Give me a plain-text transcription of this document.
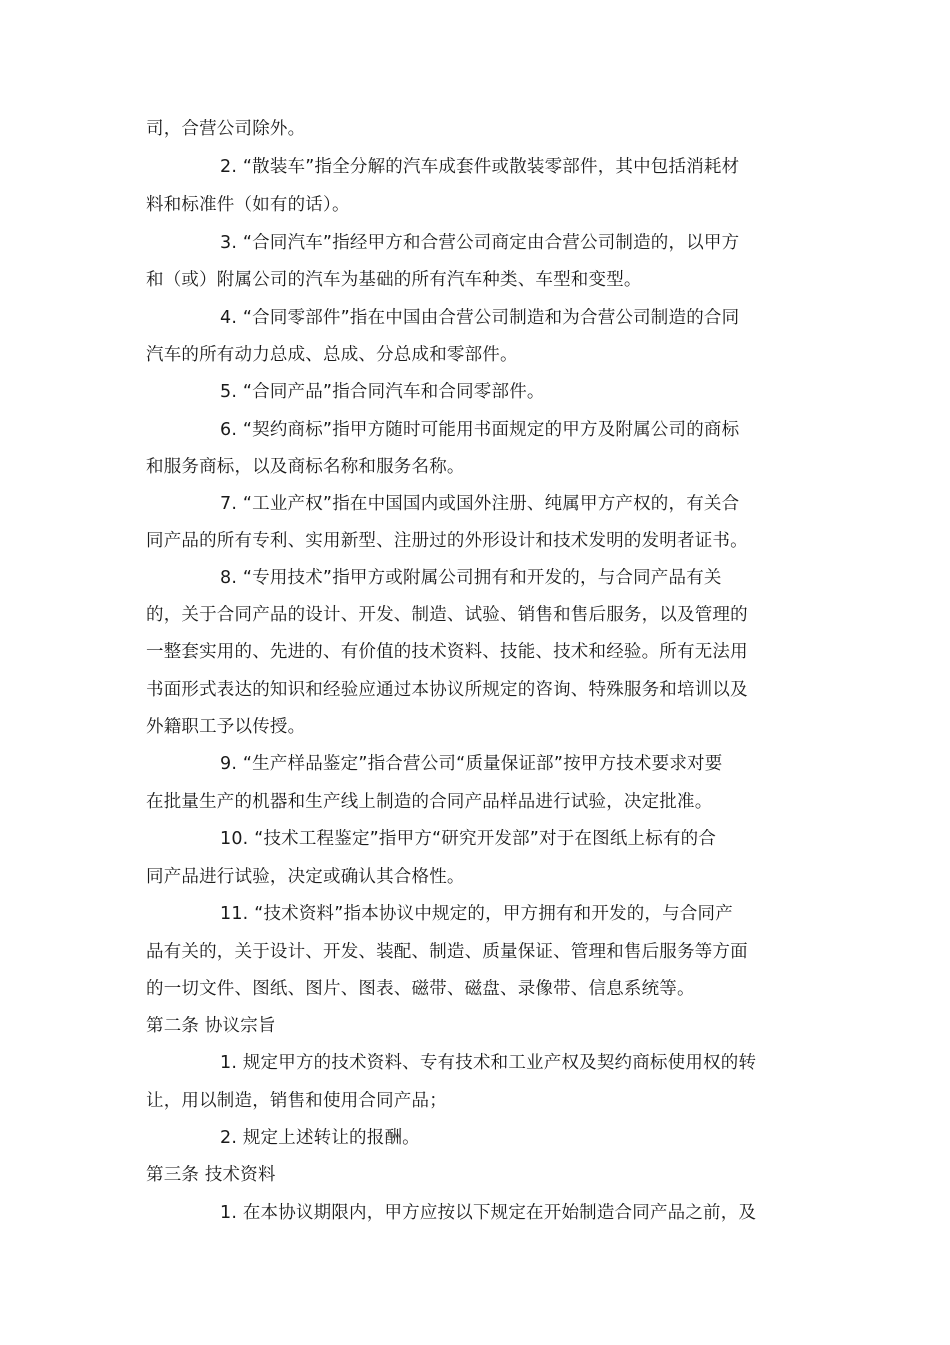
司，合营公司除外。
2. “散装车”指全分解的汽车成套件或散装零部件，其中包括消耗材
料和标准件（如有的话）。
3. “合同汽车”指经甲方和合营公司商定由合营公司制造的，以甲方
和（或）附属公司的汽车为基础的所有汽车种类、车型和变型。
4. “合同零部件”指在中国由合营公司制造和为合营公司制造的合同
汽车的所有动力总成、总成、分总成和零部件。
5. “合同产品”指合同汽车和合同零部件。
6. “契约商标”指甲方随时可能用书面规定的甲方及附属公司的商标
和服务商标，以及商标名称和服务名称。
7. “工业产权”指在中国国内或国外注册、纯属甲方产权的，有关合
同产品的所有专利、实用新型、注册过的外形设计和技术发明的发明者证书。
8. “专用技术”指甲方或附属公司拥有和开发的，与合同产品有关
的，关于合同产品的设计、开发、制造、试验、销售和售后服务，以及管理的
一整套实用的、先进的、有价值的技术资料、技能、技术和经验。所有无法用
书面形式表达的知识和经验应通过本协议所规定的咨询、特殊服务和培训以及
外籍职工予以传授。
9. “生产样品鉴定”指合营公司“质量保证部”按甲方技术要求对要
在批量生产的机器和生产线上制造的合同产品样品进行试验，决定批准。
10. “技术工程鉴定”指甲方“研究开发部”对于在图纸上标有的合
同产品进行试验，决定或确认其合格性。
11. “技术资料”指本协议中规定的，甲方拥有和开发的，与合同产
品有关的，关于设计、开发、装配、制造、质量保证、管理和售后服务等方面
的一切文件、图纸、图片、图表、磁带、磁盘、录像带、信息系统等。
第二条 协议宗旨
1. 规定甲方的技术资料、专有技术和工业产权及契约商标使用权的转
让，用以制造，销售和使用合同产品；
2. 规定上述转让的报酬。
第三条 技术资料
1. 在本协议期限内，甲方应按以下规定在开始制造合同产品之前，及
